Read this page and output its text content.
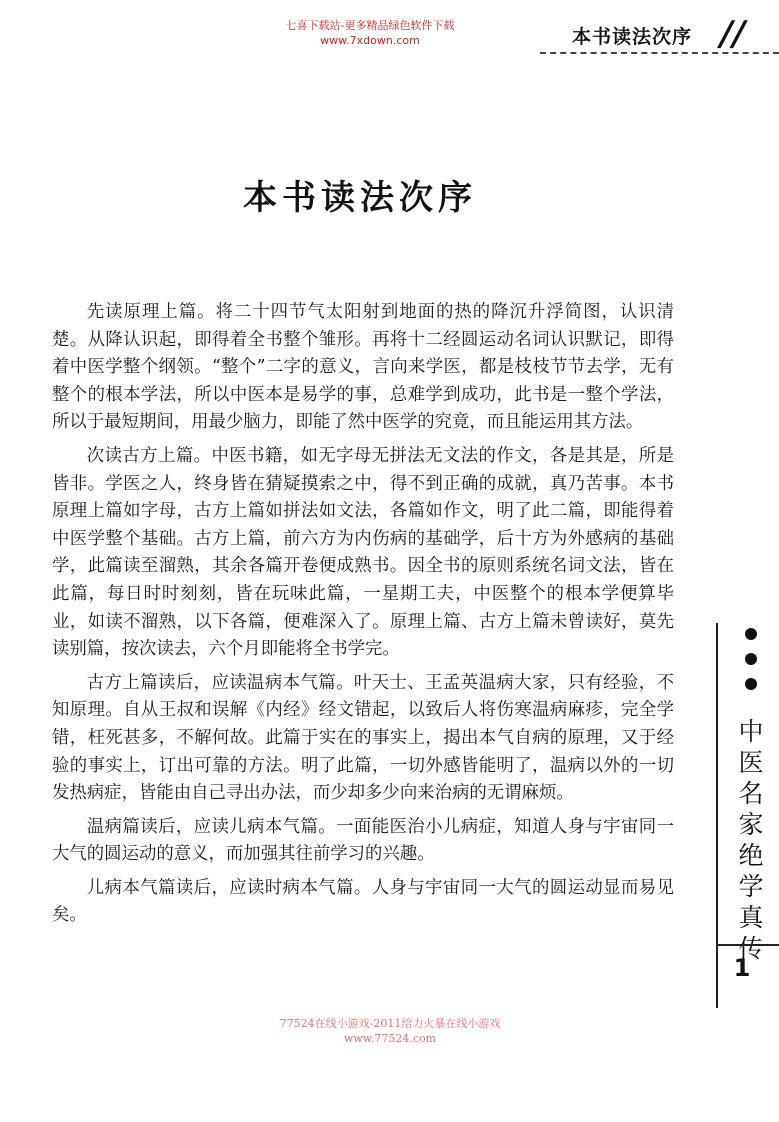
七喜下载站-更多精品绿色软件下载
www.7xdown.com	本书读法次序 //
本书读法次序

先读原理上篇。将二十四节气太阳射到地面的热的降沉升浮简图，认识清楚。从降认识起，即得着全书整个雏形。再将十二经圆运动名词认识默记，即得着中医学整个纲领。“整个”二字的意义，言向来学医，都是枝枝节节去学，无有整个的根本学法，所以中医本是易学的事，总难学到成功，此书是一整个学法，所以于最短期间，用最少脑力，即能了然中医学的究竟，而且能运用其方法。

次读古方上篇。中医书籍，如无字母无拼法无文法的作文，各是其是，所是皆非。学医之人，终身皆在猜疑摸索之中，得不到正确的成就，真乃苦事。本书原理上篇如字母，古方上篇如拼法如文法，各篇如作文，明了此二篇，即能得着中医学整个基础。古方上篇，前六方为内伤病的基础学，后十方为外感病的基础学，此篇读至溜熟，其余各篇开卷便成熟书。因全书的原则系统名词文法，皆在此篇，每日时时刻刻，皆在玩味此篇，一星期工夫，中医整个的根本学便算毕业，如读不溜熟，以下各篇，便难深入了。原理上篇、古方上篇未曾读好，莫先读别篇，按次读去，六个月即能将全书学完。

古方上篇读后，应读温病本气篇。叶天士、王孟英温病大家，只有经验，不知原理。自从王叔和误解《内经》经文错起，以致后人将伤寒温病麻疹，完全学错，枉死甚多，不解何故。此篇于实在的事实上，揭出本气自病的原理，又于经验的事实上，订出可靠的方法。明了此篇，一切外感皆能明了，温病以外的一切发热病症，皆能由自己寻出办法，而少却多少向来治病的无谓麻烦。

温病篇读后，应读儿病本气篇。一面能医治小儿病症，知道人身与宇宙同一大气的圆运动的意义，而加强其往前学习的兴趣。

儿病本气篇读后，应读时病本气篇。人身与宇宙同一大气的圆运动显而易见矣。

中医名家绝学真传
1
77524在线小游戏-2011给力火暴在线小游戏
www.77524.com
